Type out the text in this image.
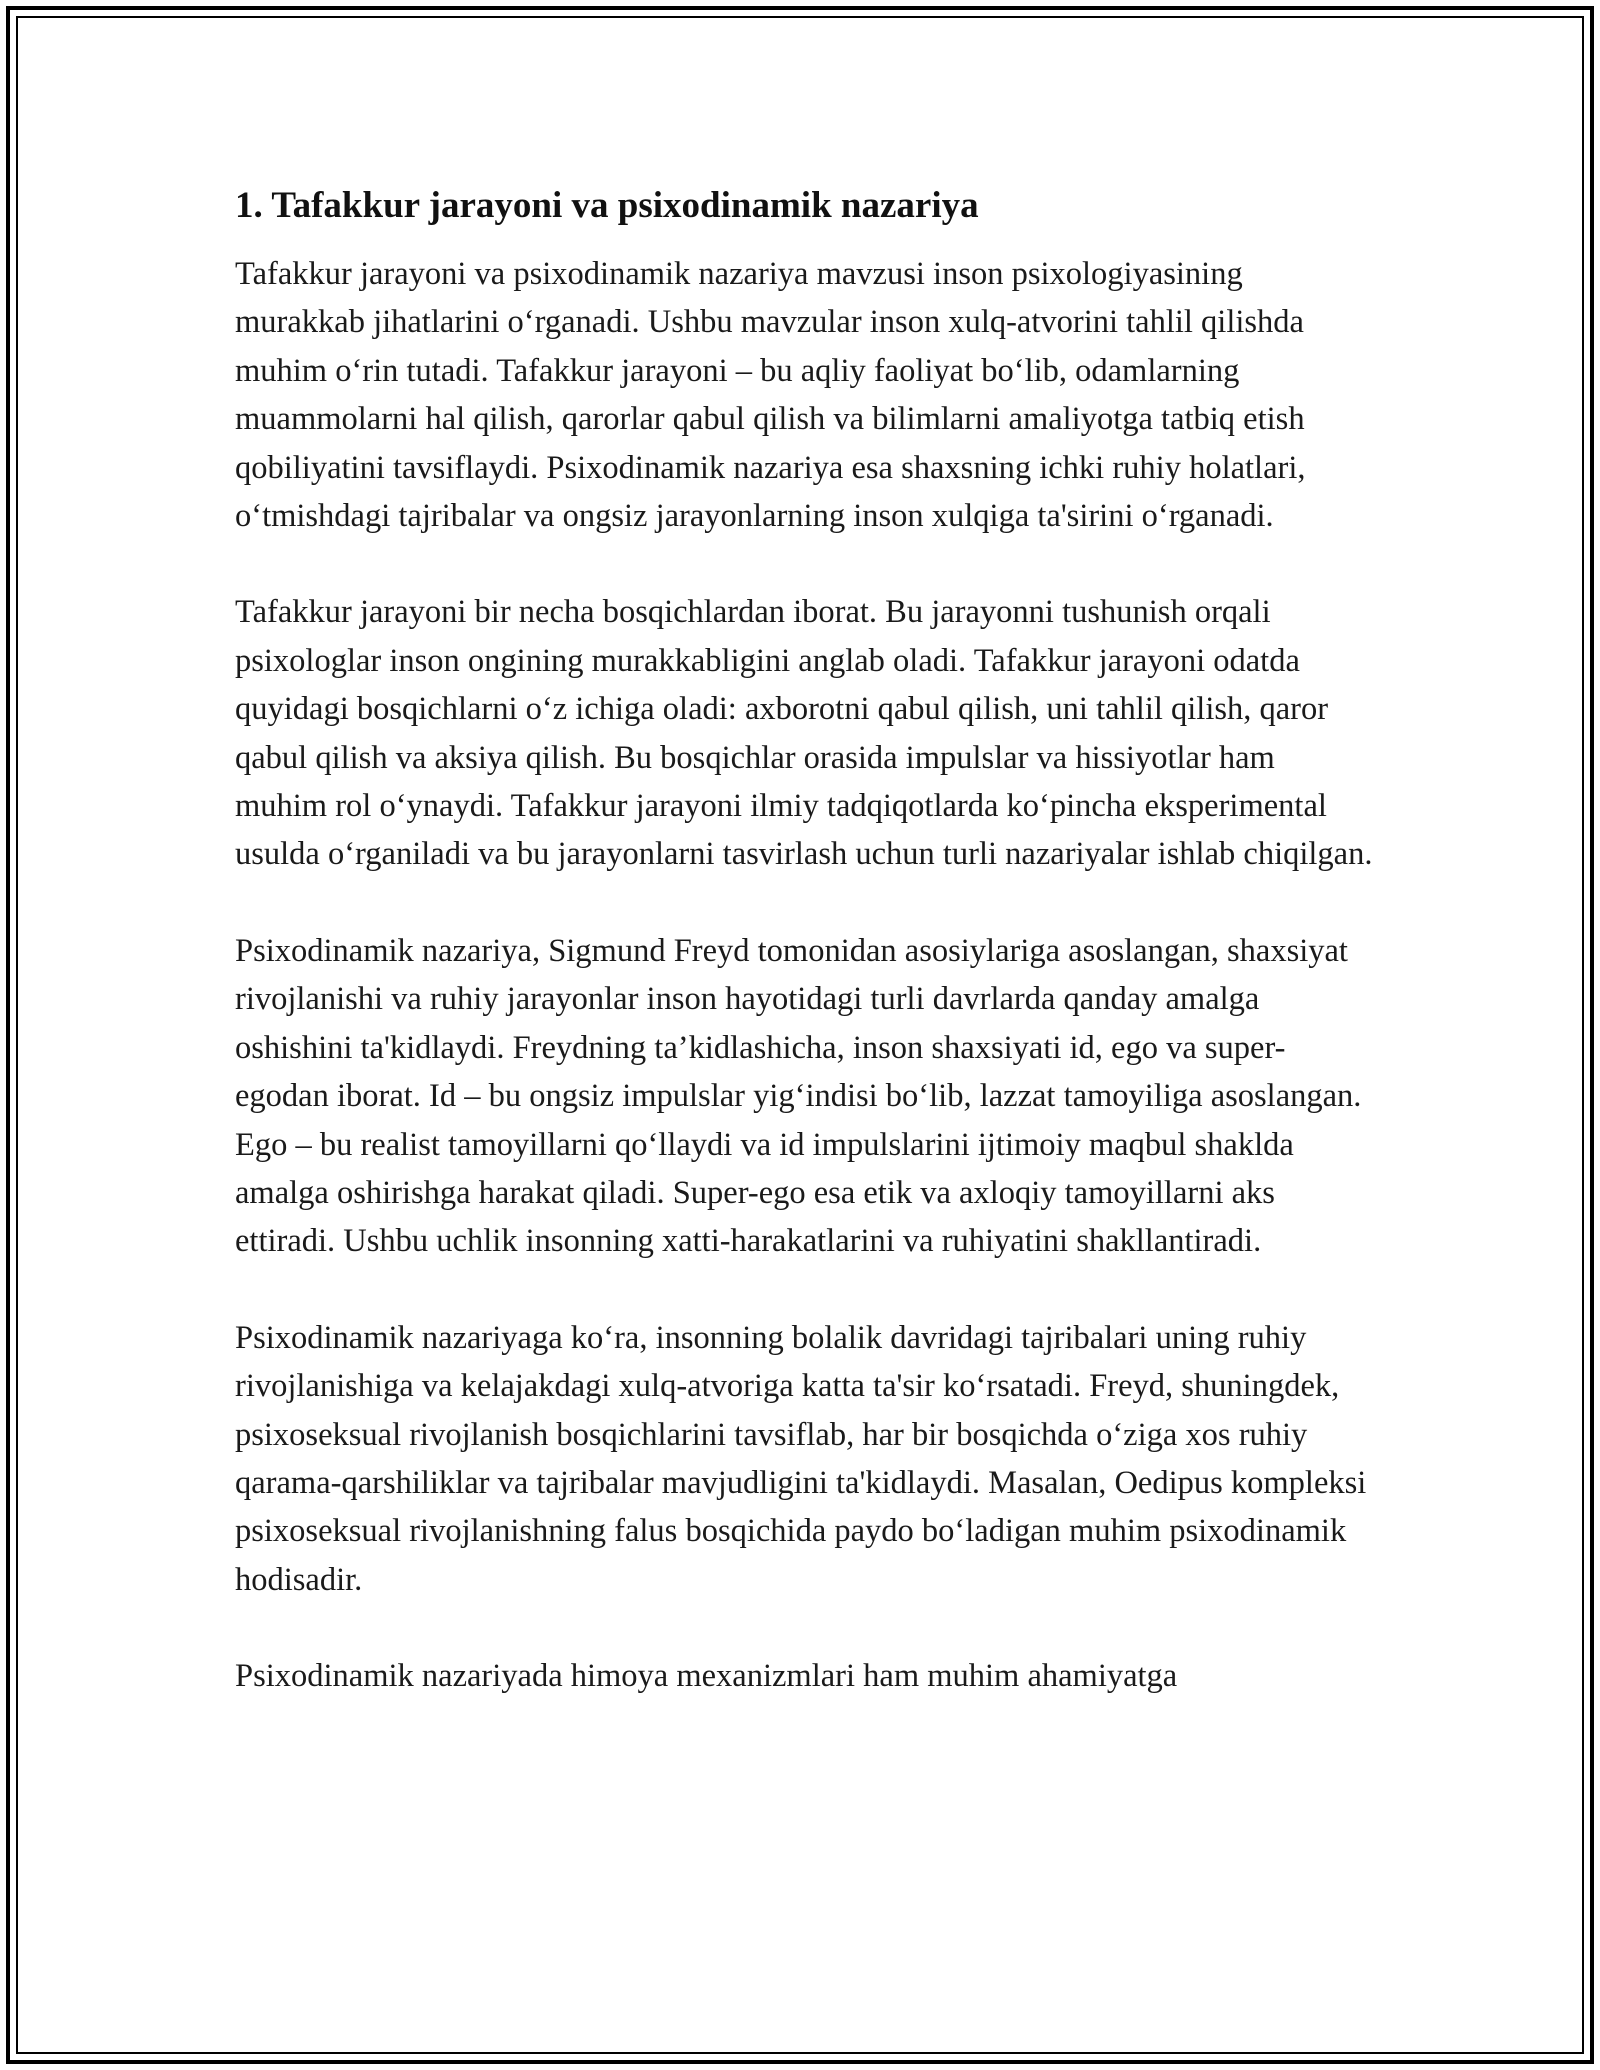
1. Tafakkur jarayoni va psixodinamik nazariya

Tafakkur jarayoni va psixodinamik nazariya mavzusi inson psixologiyasining murakkab jihatlarini o‘rganadi. Ushbu mavzular inson xulq-atvorini tahlil qilishda muhim o‘rin tutadi. Tafakkur jarayoni – bu aqliy faoliyat bo‘lib, odamlarning muammolarni hal qilish, qarorlar qabul qilish va bilimlarni amaliyotga tatbiq etish qobiliyatini tavsiflaydi. Psixodinamik nazariya esa shaxsning ichki ruhiy holatlari, o‘tmishdagi tajribalar va ongsiz jarayonlarning inson xulqiga ta'sirini o‘rganadi.

Tafakkur jarayoni bir necha bosqichlardan iborat. Bu jarayonni tushunish orqali psixologlar inson ongining murakkabligini anglab oladi. Tafakkur jarayoni odatda quyidagi bosqichlarni o‘z ichiga oladi: axborotni qabul qilish, uni tahlil qilish, qaror qabul qilish va aksiya qilish. Bu bosqichlar orasida impulslar va hissiyotlar ham muhim rol o‘ynaydi. Tafakkur jarayoni ilmiy tadqiqotlarda ko‘pincha eksperimental usulda o‘rganiladi va bu jarayonlarni tasvirlash uchun turli nazariyalar ishlab chiqilgan.

Psixodinamik nazariya, Sigmund Freyd tomonidan asosiylariga asoslangan, shaxsiyat rivojlanishi va ruhiy jarayonlar inson hayotidagi turli davrlarda qanday amalga oshishini ta'kidlaydi. Freydning ta’kidlashicha, inson shaxsiyati id, ego va super-egodan iborat. Id – bu ongsiz impulslar yig‘indisi bo‘lib, lazzat tamoyiliga asoslangan. Ego – bu realist tamoyillarni qo‘llaydi va id impulslarini ijtimoiy maqbul shakldа amalga oshirishga harakat qiladi. Super-ego esa etik va axloqiy tamoyillarni aks ettiradi. Ushbu uchlik insonning xatti-harakatlarini va ruhiyatini shakllantiradi.

Psixodinamik nazariyaga ko‘ra, insonning bolalik davridagi tajribalari uning ruhiy rivojlanishiga va kelajakdagi xulq-atvoriga katta ta'sir ko‘rsatadi. Freyd, shuningdek, psixoseksual rivojlanish bosqichlarini tavsiflab, har bir bosqichda o‘ziga xos ruhiy qarama-qarshiliklar va tajribalar mavjudligini ta'kidlaydi. Masalan, Oedipus kompleksi psixoseksual rivojlanishning falus bosqichida paydo bo‘ladigan muhim psixodinamik hodisadir.

Psixodinamik nazariyada himoya mexanizmlari ham muhim ahamiyatga
